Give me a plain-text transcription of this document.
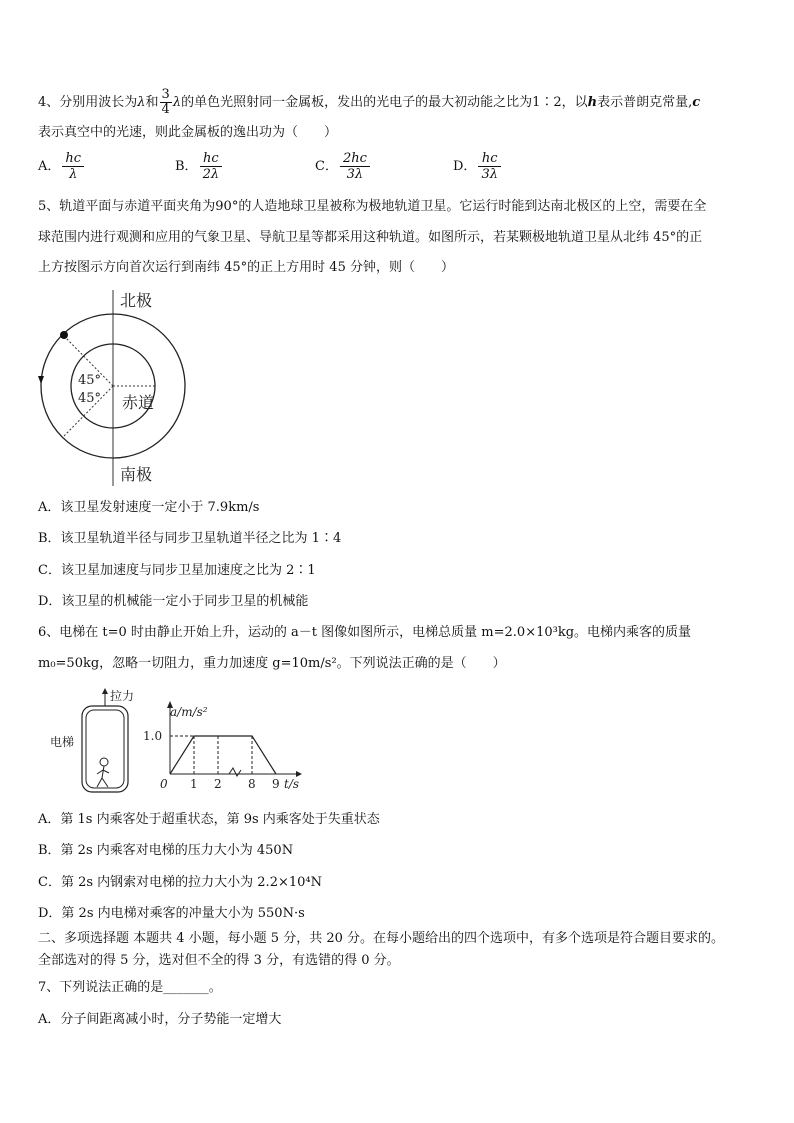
4、分别用波长为λ和 $\frac{3}{4}$ λ的单色光照射同一金属板，发出的光电子的最大初动能之比为1∶2，以h表示普朗克常量,c
表示真空中的光速，则此金属板的逸出功为（　　）
A． $\frac{hc}{\lambda}$	B． $\frac{hc}{2\lambda}$	C． $\frac{2hc}{3\lambda}$	D． $\frac{hc}{3\lambda}$
5、轨道平面与赤道平面夹角为90°的人造地球卫星被称为极地轨道卫星。它运行时能到达南北极区的上空，需要在全
球范围内进行观测和应用的气象卫星、导航卫星等都采用这种轨道。如图所示，若某颗极地轨道卫星从北纬 45°的正
上方按图示方向首次运行到南纬 45°的正上方用时 45 分钟，则（　　）
北极
南极
赤道
45°
45°
A．该卫星发射速度一定小于 7.9km/s
B．该卫星轨道半径与同步卫星轨道半径之比为 1∶4
C．该卫星加速度与同步卫星加速度之比为 2∶1
D．该卫星的机械能一定小于同步卫星的机械能
6、电梯在 t=0 时由静止开始上升，运动的 a－t 图像如图所示，电梯总质量 m=2.0×10³kg。电梯内乘客的质量
m₀=50kg，忽略一切阻力，重力加速度 g=10m/s²。下列说法正确的是（　　）
拉力
电梯
a/m/s²
t/s
0 1 2 8 9
1.0
A．第 1s 内乘客处于超重状态，第 9s 内乘客处于失重状态
B．第 2s 内乘客对电梯的压力大小为 450N
C．第 2s 内钢索对电梯的拉力大小为 2.2×10⁴N
D．第 2s 内电梯对乘客的冲量大小为 550N·s
二、多项选择题 本题共 4 小题，每小题 5 分，共 20 分。在每小题给出的四个选项中，有多个选项是符合题目要求的。
全部选对的得 5 分，选对但不全的得 3 分，有选错的得 0 分。
7、下列说法正确的是_______。
A．分子间距离减小时，分子势能一定增大
